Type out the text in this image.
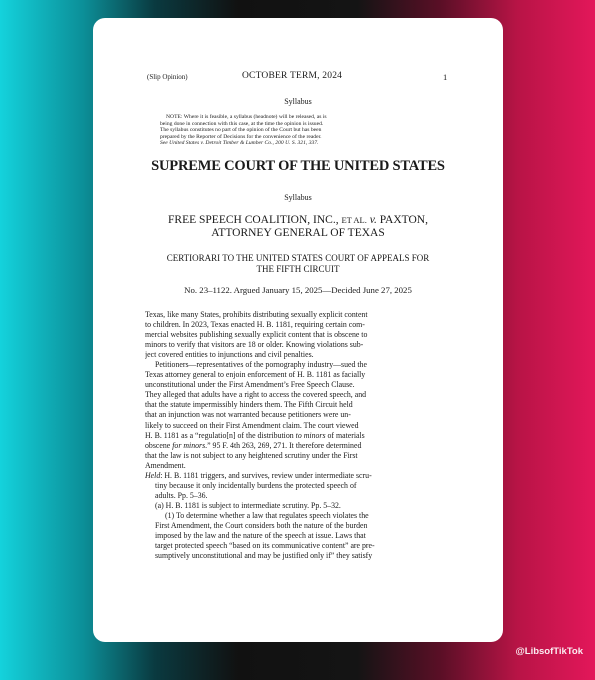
(Slip Opinion)	OCTOBER TERM, 2024	1
Syllabus
NOTE: Where it is feasible, a syllabus (headnote) will be released, as is
being done in connection with this case, at the time the opinion is issued.
The syllabus constitutes no part of the opinion of the Court but has been
prepared by the Reporter of Decisions for the convenience of the reader.
See United States v. Detroit Timber & Lumber Co., 200 U. S. 321, 337.
SUPREME COURT OF THE UNITED STATES
Syllabus
FREE SPEECH COALITION, INC., ET AL. v. PAXTON,
ATTORNEY GENERAL OF TEXAS
CERTIORARI TO THE UNITED STATES COURT OF APPEALS FOR
THE FIFTH CIRCUIT
No. 23–1122. Argued January 15, 2025—Decided June 27, 2025
Texas, like many States, prohibits distributing sexually explicit content
to children. In 2023, Texas enacted H. B. 1181, requiring certain com-
mercial websites publishing sexually explicit content that is obscene to
minors to verify that visitors are 18 or older. Knowing violations sub-
ject covered entities to injunctions and civil penalties.
Petitioners—representatives of the pornography industry—sued the
Texas attorney general to enjoin enforcement of H. B. 1181 as facially
unconstitutional under the First Amendment’s Free Speech Clause.
They alleged that adults have a right to access the covered speech, and
that the statute impermissibly hinders them. The Fifth Circuit held
that an injunction was not warranted because petitioners were un-
likely to succeed on their First Amendment claim. The court viewed
H. B. 1181 as a “regulatio[n] of the distribution to minors of materials
obscene for minors.” 95 F. 4th 263, 269, 271. It therefore determined
that the law is not subject to any heightened scrutiny under the First
Amendment.
Held: H. B. 1181 triggers, and survives, review under intermediate scru-
tiny because it only incidentally burdens the protected speech of
adults. Pp. 5–36.
(a) H. B. 1181 is subject to intermediate scrutiny. Pp. 5–32.
(1) To determine whether a law that regulates speech violates the
First Amendment, the Court considers both the nature of the burden
imposed by the law and the nature of the speech at issue. Laws that
target protected speech “based on its communicative content” are pre-
sumptively unconstitutional and may be justified only if” they satisfy
@LibsofTikTok
